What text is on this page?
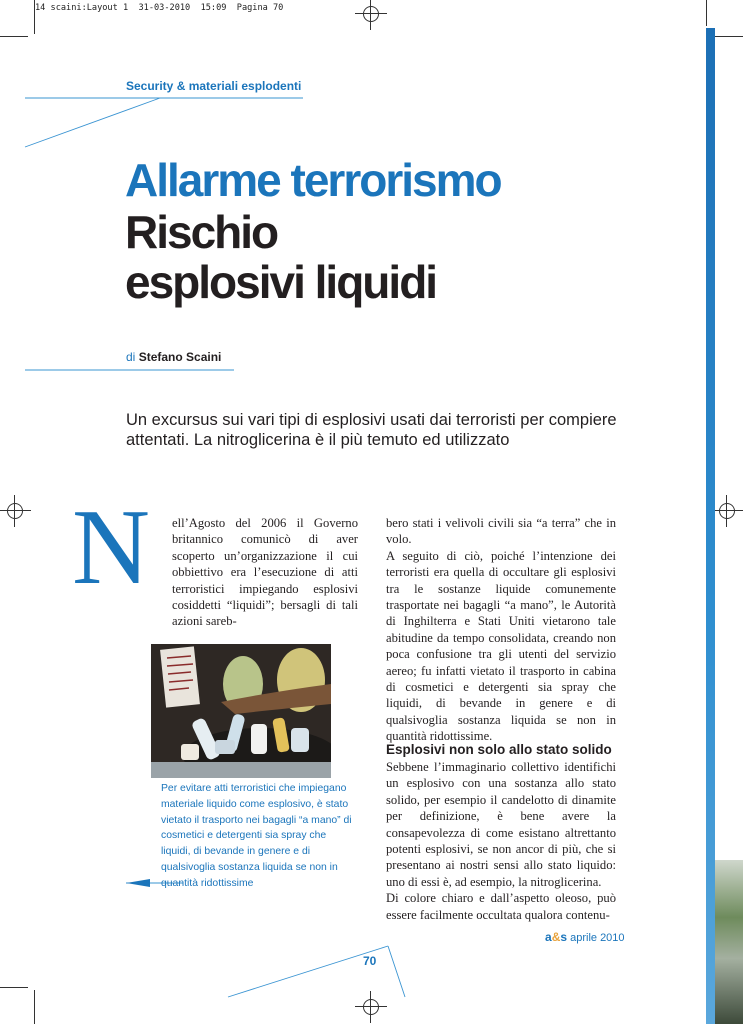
14 scaini:Layout 1  31-03-2010  15:09  Pagina 70
Security & materiali esplodenti
Allarme terrorismo
Rischio
esplosivi liquidi
di Stefano Scaini
Un excursus sui vari tipi di esplosivi usati dai terroristi per compiere attentati. La nitroglicerina è il più temuto ed utilizzato
N ell’Agosto del 2006 il Governo britannico comunicò di aver scoperto un’organizzazione il cui obbiettivo era l’esecuzione di atti terroristici impiegando esplosivi cosiddetti “liquidi”; bersagli di tali azioni sareb-

bero stati i velivoli civili sia “a terra” che in volo.

A seguito di ciò, poiché l’intenzione dei terroristi era quella di occultare gli esplosivi tra le sostanze liquide comunemente trasportate nei bagagli “a mano”, le Autorità di Inghilterra e Stati Uniti vietarono tale abitudine da tempo consolidata, creando non poca confusione tra gli utenti del servizio aereo; fu infatti vietato il trasporto in cabina di cosmetici e detergenti sia spray che liquidi, di bevande in genere e di qualsivoglia sostanza liquida se non in quantità ridottissime.

Esplosivi non solo allo stato solido

Sebbene l’immaginario collettivo identifichi un esplosivo con una sostanza allo stato solido, per esempio il candelotto di dinamite per definizione, è bene avere la consapevolezza di come esistano altrettanto potenti esplosivi, se non ancor di più, che si presentano ai nostri sensi allo stato liquido: uno di essi è, ad esempio, la nitroglicerina.

Di colore chiaro e dall’aspetto oleoso, può essere facilmente occultata qualora contenu-

Per evitare atti terroristici che impiegano materiale liquido come esplosivo, è stato vietato il trasporto nei bagagli “a mano” di cosmetici e detergenti sia spray che liquidi, di bevande in genere e di qualsivoglia sostanza liquida se non in quantità ridottissime
a&s aprile 2010
70
